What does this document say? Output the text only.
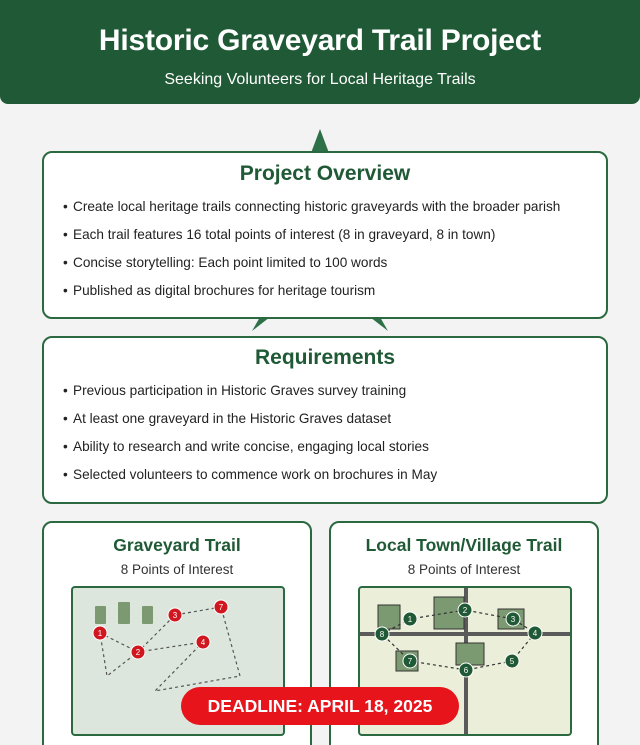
Historic Graveyard Trail Project
Seeking Volunteers for Local Heritage Trails
Project Overview
• Create local heritage trails connecting historic graveyards with the broader parish
• Each trail features 16 total points of interest (8 in graveyard, 8 in town)
• Concise storytelling: Each point limited to 100 words
• Published as digital brochures for heritage tourism
Requirements
• Previous participation in Historic Graves survey training
• At least one graveyard in the Historic Graves dataset
• Ability to research and write concise, engaging local stories
• Selected volunteers to commence work on brochures in May
Graveyard Trail
8 Points of Interest
1
2
3
4
7
Local Town/Village Trail
8 Points of Interest
8
1
2
3
4
5
6
7
DEADLINE: APRIL 18, 2025
